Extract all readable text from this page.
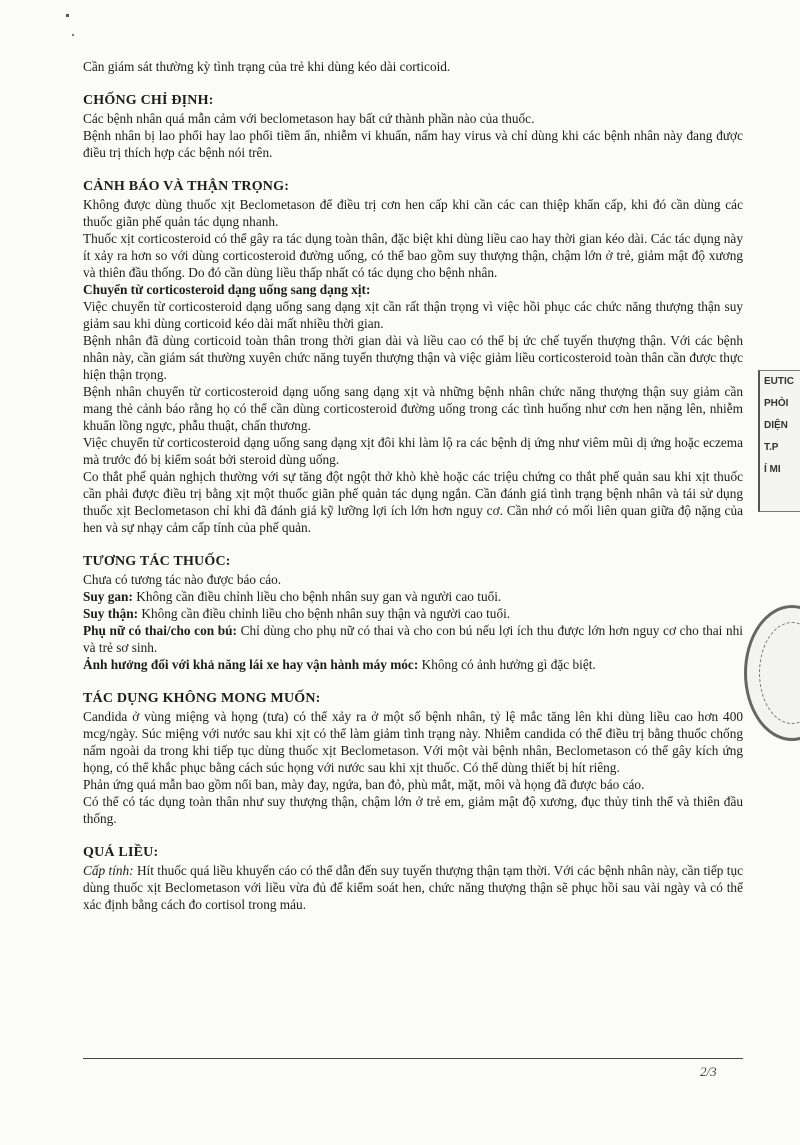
Cần giám sát thường kỳ tình trạng của trẻ khi dùng kéo dài corticoid.

CHỐNG CHỈ ĐỊNH:

Các bệnh nhân quá mẫn cảm với beclometason hay bất cứ thành phần nào của thuốc.

Bệnh nhân bị lao phổi hay lao phổi tiềm ẩn, nhiễm vi khuẩn, nấm hay virus và chỉ dùng khi các bệnh nhân này đang được điều trị thích hợp các bệnh nói trên.

CẢNH BÁO VÀ THẬN TRỌNG:

Không được dùng thuốc xịt Beclometason để điều trị cơn hen cấp khi cần các can thiệp khẩn cấp, khi đó cần dùng các thuốc giãn phế quản tác dụng nhanh.

Thuốc xịt corticosteroid có thể gây ra tác dụng toàn thân, đặc biệt khi dùng liều cao hay thời gian kéo dài. Các tác dụng này ít xảy ra hơn so với dùng corticosteroid đường uống, có thể bao gồm suy thượng thận, chậm lớn ở trẻ, giảm mật độ xương và thiên đầu thống. Do đó cần dùng liều thấp nhất có tác dụng cho bệnh nhân.

Chuyển từ corticosteroid dạng uống sang dạng xịt:

Việc chuyển từ corticosteroid dạng uống sang dạng xịt cần rất thận trọng vì việc hồi phục các chức năng thượng thận suy giảm sau khi dùng corticoid kéo dài mất nhiều thời gian.

Bệnh nhân đã dùng corticoid toàn thân trong thời gian dài và liều cao có thể bị ức chế tuyến thượng thận. Với các bệnh nhân này, cần giám sát thường xuyên chức năng tuyến thượng thận và việc giảm liều corticosteroid toàn thân cần được thực hiện thận trọng.

Bệnh nhân chuyển từ corticosteroid dạng uống sang dạng xịt và những bệnh nhân chức năng thượng thận suy giảm cần mang thẻ cảnh báo rằng họ có thể cần dùng corticosteroid đường uống trong các tình huống như cơn hen nặng lên, nhiễm khuẩn lồng ngực, phẫu thuật, chấn thương.

Việc chuyển từ corticosteroid dạng uống sang dạng xịt đôi khi làm lộ ra các bệnh dị ứng như viêm mũi dị ứng hoặc eczema mà trước đó bị kiểm soát bởi steroid dùng uống.

Co thắt phế quản nghịch thường với sự tăng đột ngột thở khò khè hoặc các triệu chứng co thắt phế quản sau khi xịt thuốc cần phải được điều trị bằng xịt một thuốc giãn phế quản tác dụng ngắn. Cần đánh giá tình trạng bệnh nhân và tái sử dụng thuốc xịt Beclometason chỉ khi đã đánh giá kỹ lưỡng lợi ích lớn hơn nguy cơ. Cần nhớ có mối liên quan giữa độ nặng của hen và sự nhạy cảm cấp tính của phế quản.

TƯƠNG TÁC THUỐC:

Chưa có tương tác nào được báo cáo.

Suy gan: Không cần điều chỉnh liều cho bệnh nhân suy gan và người cao tuổi.

Suy thận: Không cần điều chỉnh liều cho bệnh nhân suy thận và người cao tuổi.

Phụ nữ có thai/cho con bú: Chỉ dùng cho phụ nữ có thai và cho con bú nếu lợi ích thu được lớn hơn nguy cơ cho thai nhi và trẻ sơ sinh.

Ảnh hưởng đối với khả năng lái xe hay vận hành máy móc: Không có ảnh hưởng gì đặc biệt.

TÁC DỤNG KHÔNG MONG MUỐN:

Candida ở vùng miệng và họng (tưa) có thể xảy ra ở một số bệnh nhân, tỷ lệ mắc tăng lên khi dùng liều cao hơn 400 mcg/ngày. Súc miệng với nước sau khi xịt có thể làm giảm tình trạng này. Nhiễm candida có thể điều trị bằng thuốc chống nấm ngoài da trong khi tiếp tục dùng thuốc xịt Beclometason. Với một vài bệnh nhân, Beclometason có thể gây kích ứng họng, có thể khắc phục bằng cách súc họng với nước sau khi xịt thuốc. Có thể dùng thiết bị hít riêng.

Phản ứng quá mẫn bao gồm nổi ban, mày đay, ngứa, ban đỏ, phù mắt, mặt, môi và họng đã được báo cáo.

Có thể có tác dụng toàn thân như suy thượng thận, chậm lớn ở trẻ em, giảm mật độ xương, đục thủy tinh thể và thiên đầu thống.

QUÁ LIỀU:

Cấp tính: Hít thuốc quá liều khuyến cáo có thể dẫn đến suy tuyến thượng thận tạm thời. Với các bệnh nhân này, cần tiếp tục dùng thuốc xịt Beclometason với liều vừa đủ để kiểm soát hen, chức năng thượng thận sẽ phục hồi sau vài ngày và có thể xác định bằng cách đo cortisol trong máu.

EUTIC
PHÒI
DIỆN
T.P
Í MI
2/3
